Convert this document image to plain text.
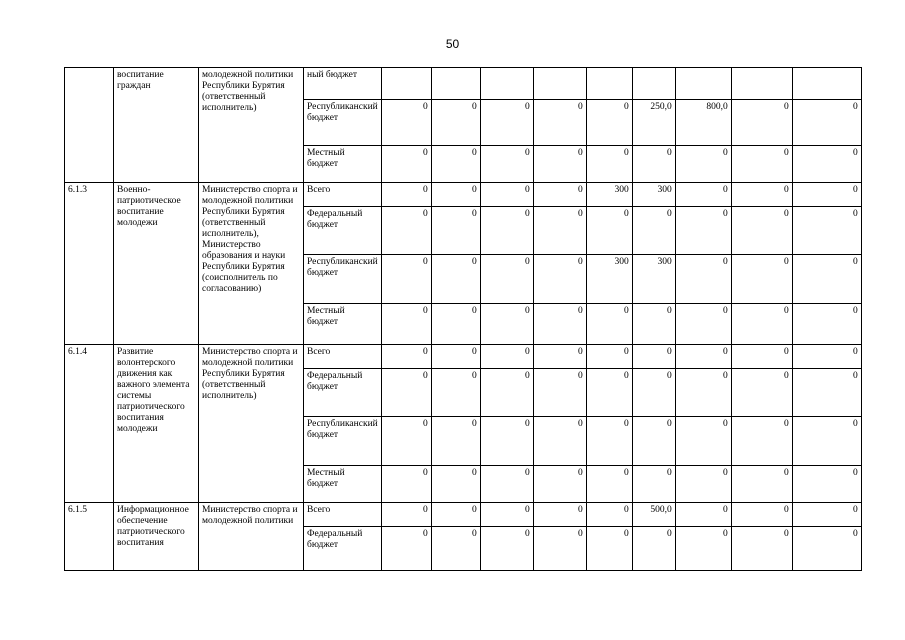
50
	воспитание граждан	молодежной политики Республики Бурятия (ответственный исполнитель)	ный бюджет									
			Республиканский бюджет	0	0	0	0	0	250,0	800,0	0	0
			Местный бюджет	0	0	0	0	0	0	0	0	0
6.1.3	Военно-патриотическое воспитание молодежи	Министерство спорта и молодежной политики Республики Бурятия (ответственный исполнитель), Министерство образования и науки Республики Бурятия (соисполнитель по согласованию)	Всего	0	0	0	0	300	300	0	0	0
			Федеральный бюджет	0	0	0	0	0	0	0	0	0
			Республиканский бюджет	0	0	0	0	300	300	0	0	0
			Местный бюджет	0	0	0	0	0	0	0	0	0
6.1.4	Развитие волонтерского движения как важного элемента системы патриотического воспитания молодежи	Министерство спорта и молодежной политики Республики Бурятия (ответственный исполнитель)	Всего	0	0	0	0	0	0	0	0	0
			Федеральный бюджет	0	0	0	0	0	0	0	0	0
			Республиканский бюджет	0	0	0	0	0	0	0	0	0
			Местный бюджет	0	0	0	0	0	0	0	0	0
6.1.5	Информационное обеспечение патриотического воспитания	Министерство спорта и молодежной политики	Всего	0	0	0	0	0	500,0	0	0	0
			Федеральный бюджет	0	0	0	0	0	0	0	0	0
